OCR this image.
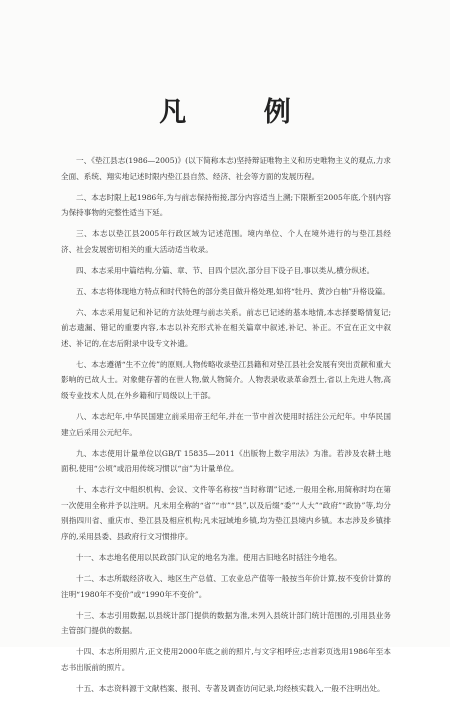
凡 例

一、《垫江县志(1986—2005)》(以下简称本志)坚持辩证唯物主义和历史唯物主义的观点,力求全面、系统、翔实地记述时限内垫江县自然、经济、社会等方面的发展历程。

二、本志时限上起1986年,为与前志保持衔接,部分内容适当上溯;下限断至2005年底,个别内容为保持事物的完整性适当下延。

三、本志以垫江县2005年行政区域为记述范围。境内单位、个人在境外进行的与垫江县经济、社会发展密切相关的重大活动适当收录。

四、本志采用中篇结构,分篇、章、节、目四个层次,部分目下设子目,事以类从,横分纵述。

五、本志将体现地方特点和时代特色的部分类目做升格处理,如将“牡丹、黄沙白柚”升格设篇。

六、本志采用复记和补记的方法处理与前志关系。前志已记述的基本地情,本志择要略情复记;前志遗漏、错记的重要内容,本志以补充形式补在相关篇章中叙述,补记、补正。不宜在正文中叙述、补记的,在志后附录中设专文补遗。

七、本志遵循“生不立传”的原则,人物传略收录垫江县籍和对垫江县社会发展有突出贡献和重大影响的已故人士。对象健存著的在世人物,做人物简介。人物表录收录革命烈士,省以上先进人物,高级专业技术人员,在外乡籍和厅局级以上干部。

八、本志纪年,中华民国建立前采用帝王纪年,并在一节中首次使用时括注公元纪年。中华民国建立后采用公元纪年。

九、本志使用计量单位以GB/T 15835—2011《出版物上数字用法》为准。若涉及农耕土地面积,使用“公顷”或沿用传统习惯以“亩”为计量单位。

十、本志行文中组织机构、会议、文件等名称按“当时称谓”记述,一般用全称,用简称时均在第一次使用全称并予以注明。凡未用全称的“省”“市”“县”,以及后缀“委”“人大”“政府”“政协”等,均分别指四川省、重庆市、垫江县及相应机构;凡未冠域地乡镇,均为垫江县境内乡镇。本志涉及乡镇排序的,采用县委、县政府行文习惯排序。

十一、本志地名使用以民政部门认定的地名为准。使用古旧地名时括注今地名。

十二、本志所载经济收入、地区生产总值、工农业总产值等一般按当年价计算,按不变价计算的注明“1980年不变价”或“1990年不变价”。

十三、本志引用数据,以县统计部门提供的数据为准,未列入县统计部门统计范围的,引用县业务主管部门提供的数据。

十四、本志所用照片,正文使用2000年底之前的照片,与文字相呼应;志首彩页选用1986年至本志书出版前的照片。

十五、本志资料源于文献档案、报刊、专著及调查访问记录,均经核实载入,一般不注明出处。
